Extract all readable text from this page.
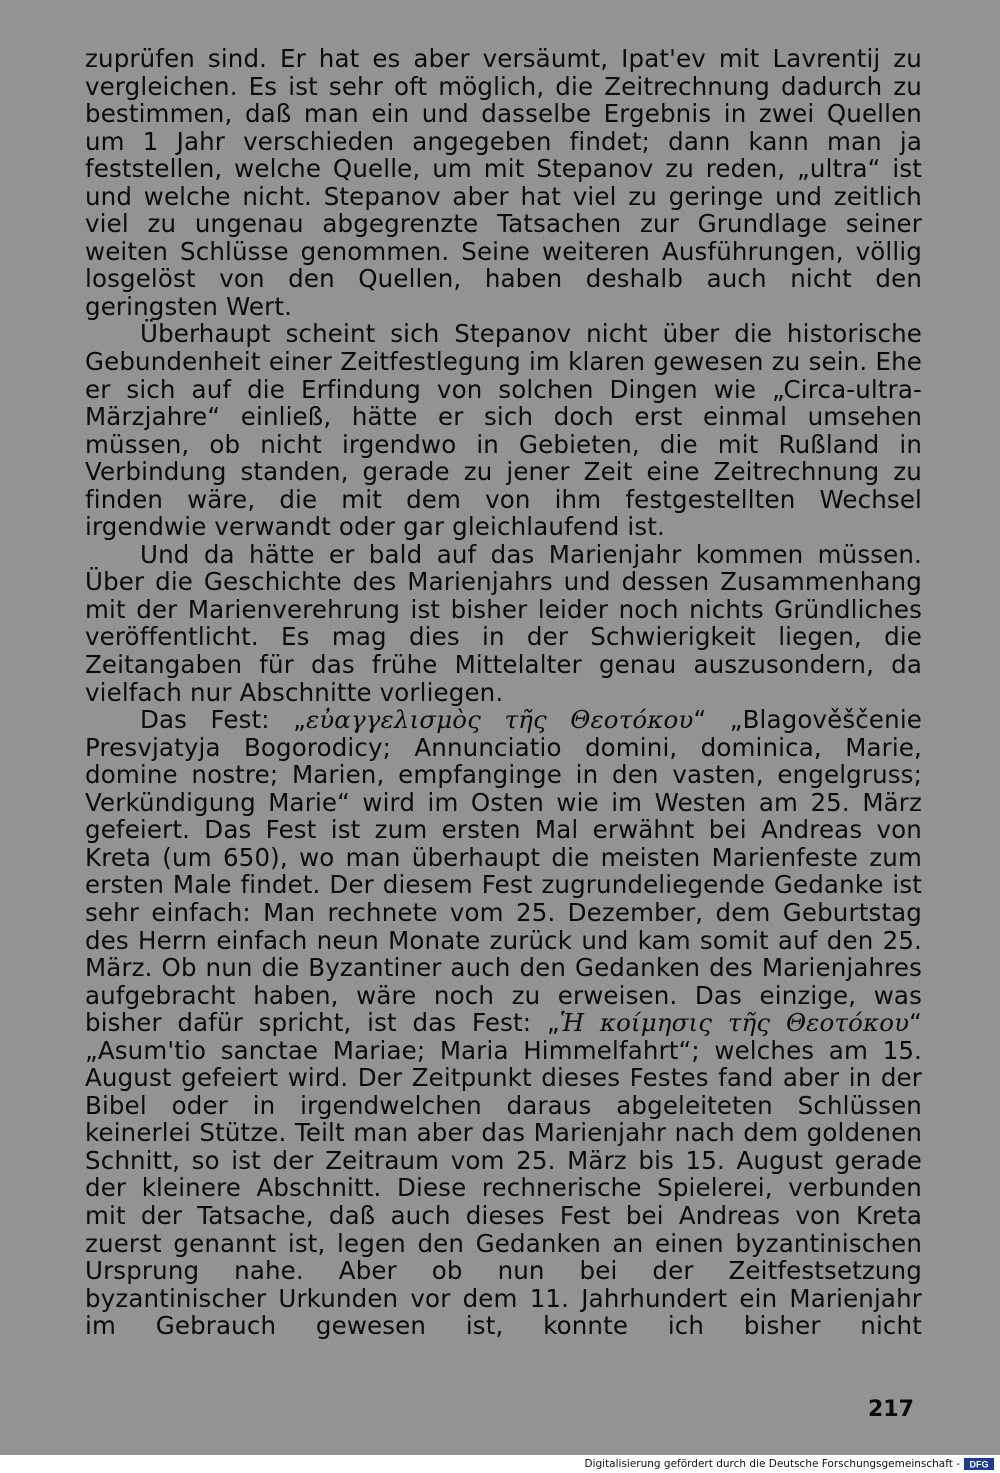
zuprüfen sind. Er hat es aber versäumt, Ipat'ev mit Lavrentij zu vergleichen. Es ist sehr oft möglich, die Zeitrechnung dadurch zu bestimmen, daß man ein und dasselbe Ergebnis in zwei Quellen um 1 Jahr verschieden angegeben findet; dann kann man ja feststellen, welche Quelle, um mit Stepanov zu reden, „ultra“ ist und welche nicht. Stepanov aber hat viel zu geringe und zeitlich viel zu ungenau abgegrenzte Tatsachen zur Grundlage seiner weiten Schlüsse genommen. Seine weiteren Ausführungen, völlig losgelöst von den Quellen, haben deshalb auch nicht den geringsten Wert.

Überhaupt scheint sich Stepanov nicht über die historische Gebundenheit einer Zeitfestlegung im klaren gewesen zu sein. Ehe er sich auf die Erfindung von solchen Dingen wie „Circa-ultra-Märzjahre“ einließ, hätte er sich doch erst einmal umsehen müssen, ob nicht irgendwo in Gebieten, die mit Rußland in Verbindung standen, gerade zu jener Zeit eine Zeitrechnung zu finden wäre, die mit dem von ihm festgestellten Wechsel irgendwie verwandt oder gar gleichlaufend ist.

Und da hätte er bald auf das Marienjahr kommen müssen. Über die Geschichte des Marienjahrs und dessen Zusammenhang mit der Marienverehrung ist bisher leider noch nichts Gründliches veröffentlicht. Es mag dies in der Schwierigkeit liegen, die Zeitangaben für das frühe Mittelalter genau auszusondern, da vielfach nur Abschnitte vorliegen.

Das Fest: „εὐαγγελισμὸς τῆς Θεοτόκου“ „Blagověščenie Presvjatyja Bogorodicy; Annunciatio domini, dominica, Marie, domine nostre; Marien, empfanginge in den vasten, engelgruss; Verkündigung Marie“ wird im Osten wie im Westen am 25. März gefeiert. Das Fest ist zum ersten Mal erwähnt bei Andreas von Kreta (um 650), wo man überhaupt die meisten Marienfeste zum ersten Male findet. Der diesem Fest zugrundeliegende Gedanke ist sehr einfach: Man rechnete vom 25. Dezember, dem Geburtstag des Herrn einfach neun Monate zurück und kam somit auf den 25. März. Ob nun die Byzantiner auch den Gedanken des Marienjahres aufgebracht haben, wäre noch zu erweisen. Das einzige, was bisher dafür spricht, ist das Fest: „Ἡ κοίμησις τῆς Θεοτόκου“ „Asum'tio sanctae Mariae; Maria Himmelfahrt“; welches am 15. August gefeiert wird. Der Zeitpunkt dieses Festes fand aber in der Bibel oder in irgendwelchen daraus abgeleiteten Schlüssen keinerlei Stütze. Teilt man aber das Marienjahr nach dem goldenen Schnitt, so ist der Zeitraum vom 25. März bis 15. August gerade der kleinere Abschnitt. Diese rechnerische Spielerei, verbunden mit der Tatsache, daß auch dieses Fest bei Andreas von Kreta zuerst genannt ist, legen den Gedanken an einen byzantinischen Ursprung nahe. Aber ob nun bei der Zeitfestsetzung byzantinischer Urkunden vor dem 11. Jahrhundert ein Marienjahr im Gebrauch gewesen ist, konnte ich bisher nicht

217
Digitalisierung gefördert durch die Deutsche Forschungsgemeinschaft - DFG
